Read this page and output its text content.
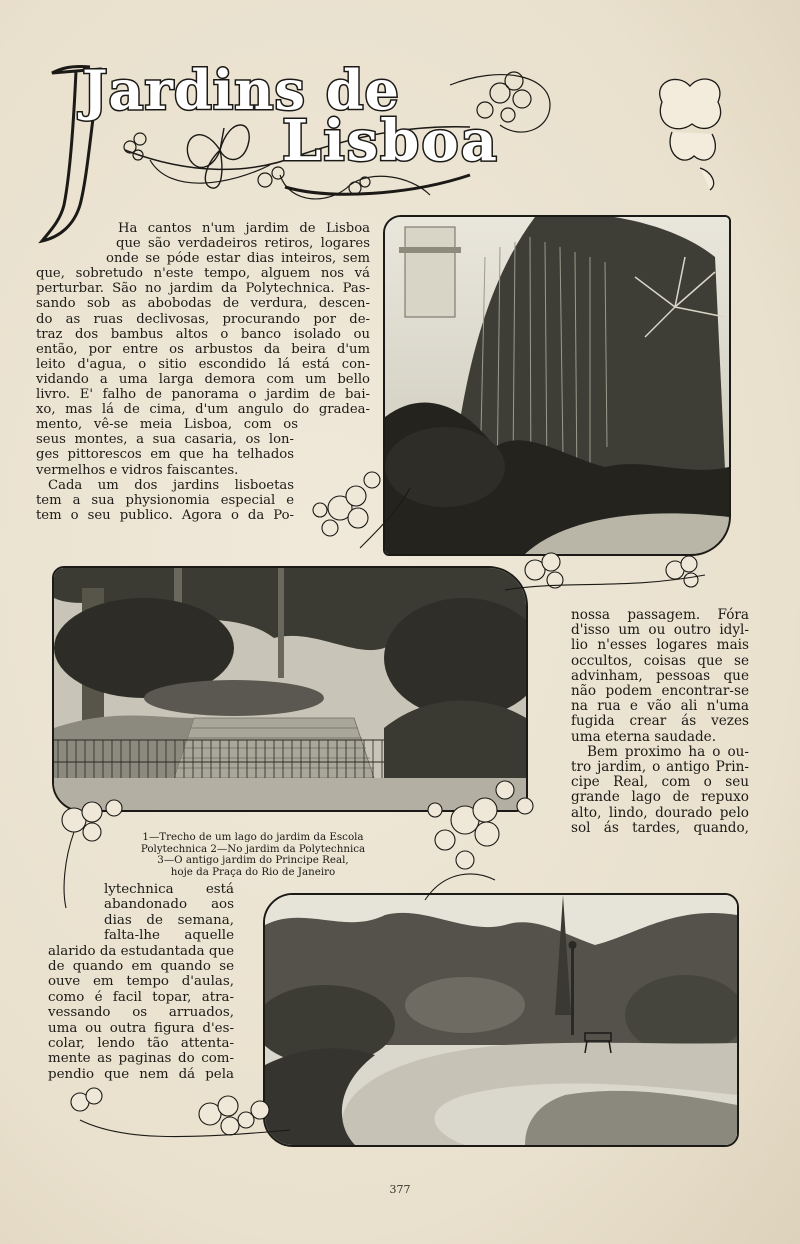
Jardins de
Lisboa
Ha cantos n'um jardim de Lisboa
que são verdadeiros retiros, logares
onde se póde estar dias inteiros, sem
que, sobretudo n'este tempo, alguem nos vá
perturbar. São no jardim da Polytechnica. Pas-
sando sob as abobodas de verdura, descen-
do as ruas declivosas, procurando por de-
traz dos bambus altos o banco isolado ou
então, por entre os arbustos da beira d'um
leito d'agua, o sitio escondido lá está con-
vidando a uma larga demora com um bello
livro. E' falho de panorama o jardim de bai-
xo, mas lá de cima, d'um angulo do gradea-
mento, vê-se meia Lisboa, com os
seus montes, a sua casaria, os lon-
ges pittorescos em que ha telhados
vermelhos e vidros faiscantes.
Cada um dos jardins lisboetas
tem a sua physionomia especial e
tem o seu publico. Agora o da Po-
nossa passagem. Fóra
d'isso um ou outro idyl-
lio n'esses logares mais
occultos, coisas que se
advinham, pessoas que
não podem encontrar-se
na rua e vão ali n'uma
fugida crear ás vezes
uma eterna saudade.
Bem proximo ha o ou-
tro jardim, o antigo Prin-
cipe Real, com o seu
grande lago de repuxo
alto, lindo, dourado pelo
sol ás tardes, quando,
1—Trecho de um lago do jardim da Escola
Polytechnica 2—No jardim da Polytechnica
3—O antigo jardim do Principe Real,
hoje da Praça do Rio de Janeiro
lytechnica está
abandonado aos
dias de semana,
falta-lhe aquelle
alarido da estudantada que
de quando em quando se
ouve em tempo d'aulas,
como é facil topar, atra-
vessando os arruados,
uma ou outra figura d'es-
colar, lendo tão attenta-
mente as paginas do com-
pendio que nem dá pela
377
